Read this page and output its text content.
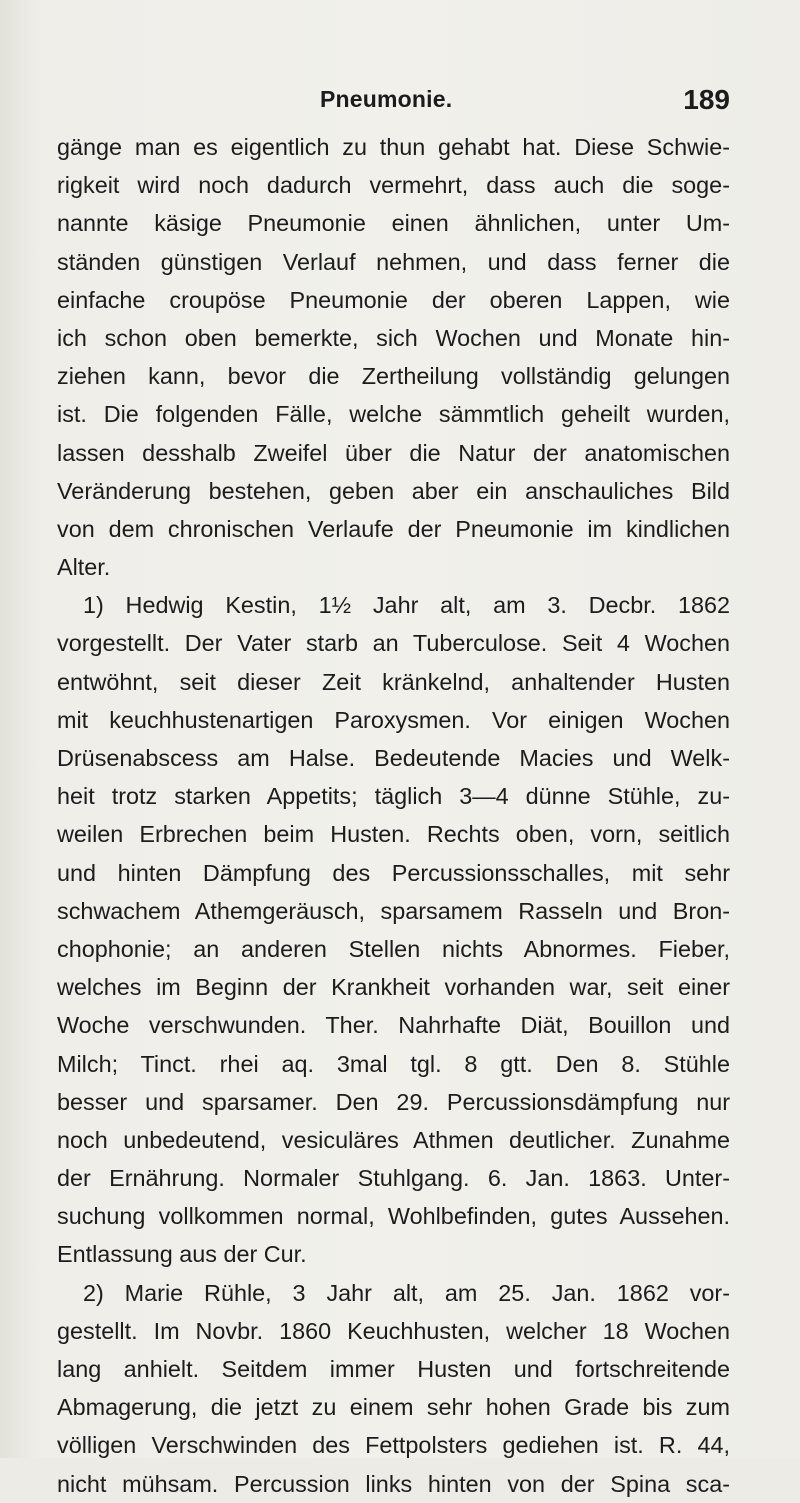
Pneumonie.	189
gänge man es eigentlich zu thun gehabt hat. Diese Schwie-
rigkeit wird noch dadurch vermehrt, dass auch die soge-
nannte käsige Pneumonie einen ähnlichen, unter Um-
ständen günstigen Verlauf nehmen, und dass ferner die
einfache croupöse Pneumonie der oberen Lappen, wie
ich schon oben bemerkte, sich Wochen und Monate hin-
ziehen kann, bevor die Zertheilung vollständig gelungen
ist. Die folgenden Fälle, welche sämmtlich geheilt wurden,
lassen desshalb Zweifel über die Natur der anatomischen
Veränderung bestehen, geben aber ein anschauliches Bild
von dem chronischen Verlaufe der Pneumonie im kindlichen
Alter.
1) Hedwig Kestin, 1½ Jahr alt, am 3. Decbr. 1862
vorgestellt. Der Vater starb an Tuberculose. Seit 4 Wochen
entwöhnt, seit dieser Zeit kränkelnd, anhaltender Husten
mit keuchhustenartigen Paroxysmen. Vor einigen Wochen
Drüsenabscess am Halse. Bedeutende Macies und Welk-
heit trotz starken Appetits; täglich 3—4 dünne Stühle, zu-
weilen Erbrechen beim Husten. Rechts oben, vorn, seitlich
und hinten Dämpfung des Percussionsschalles, mit sehr
schwachem Athemgeräusch, sparsamem Rasseln und Bron-
chophonie; an anderen Stellen nichts Abnormes. Fieber,
welches im Beginn der Krankheit vorhanden war, seit einer
Woche verschwunden. Ther. Nahrhafte Diät, Bouillon und
Milch; Tinct. rhei aq. 3mal tgl. 8 gtt. Den 8. Stühle
besser und sparsamer. Den 29. Percussionsdämpfung nur
noch unbedeutend, vesiculäres Athmen deutlicher. Zunahme
der Ernährung. Normaler Stuhlgang. 6. Jan. 1863. Unter-
suchung vollkommen normal, Wohlbefinden, gutes Aussehen.
Entlassung aus der Cur.
2) Marie Rühle, 3 Jahr alt, am 25. Jan. 1862 vor-
gestellt. Im Novbr. 1860 Keuchhusten, welcher 18 Wochen
lang anhielt. Seitdem immer Husten und fortschreitende
Abmagerung, die jetzt zu einem sehr hohen Grade bis zum
völligen Verschwinden des Fettpolsters gediehen ist. R. 44,
nicht mühsam. Percussion links hinten von der Spina sca-
